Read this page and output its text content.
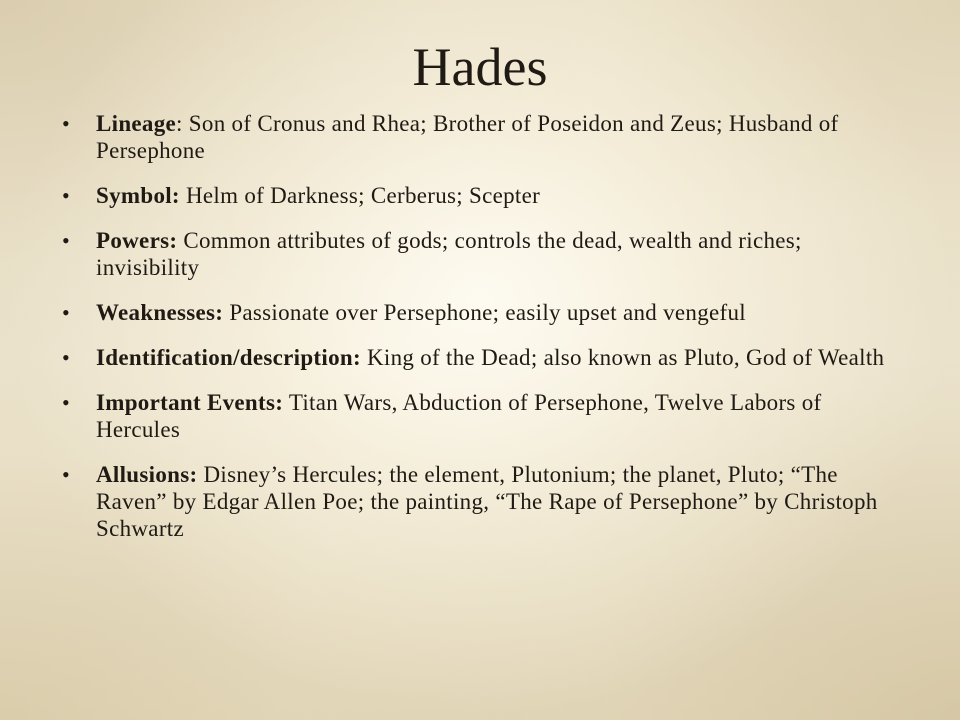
Hades
• Lineage: Son of Cronus and Rhea; Brother of Poseidon and Zeus; Husband of Persephone
• Symbol: Helm of Darkness; Cerberus; Scepter
• Powers: Common attributes of gods; controls the dead, wealth and riches; invisibility
• Weaknesses: Passionate over Persephone; easily upset and vengeful
• Identification/description: King of the Dead; also known as Pluto, God of Wealth
• Important Events: Titan Wars, Abduction of Persephone, Twelve Labors of Hercules
• Allusions: Disney’s Hercules; the element, Plutonium; the planet, Pluto; “The Raven” by Edgar Allen Poe; the painting, “The Rape of Persephone” by Christoph Schwartz
